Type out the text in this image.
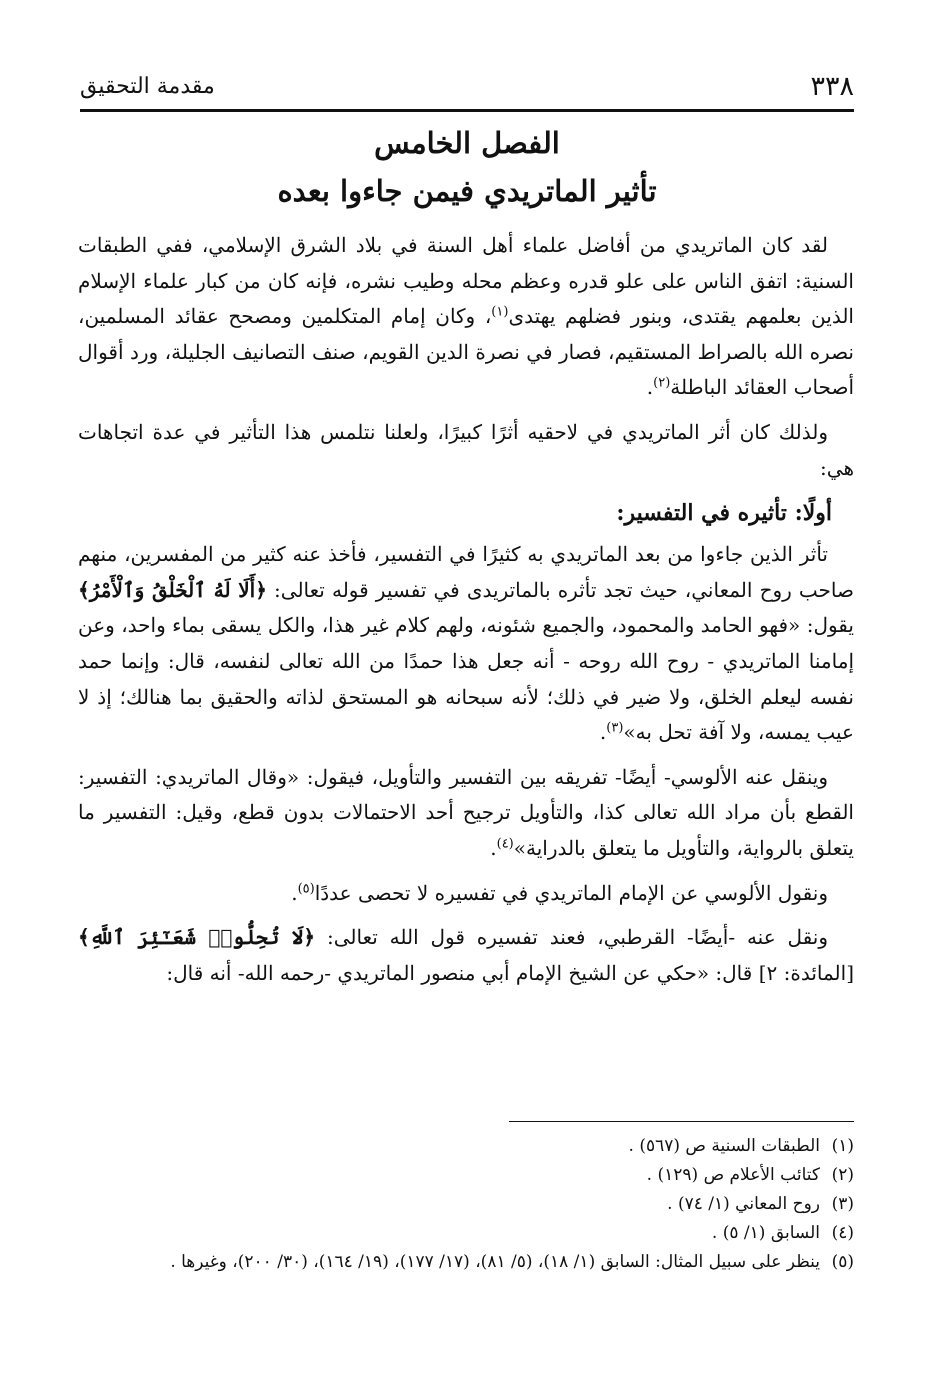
٣٣٨
مقدمة التحقيق
الفصل الخامس
تأثير الماتريدي فيمن جاءوا بعده

لقد كان الماتريدي من أفاضل علماء أهل السنة في بلاد الشرق الإسلامي، ففي الطبقات السنية: اتفق الناس على علو قدره وعظم محله وطيب نشره، فإنه كان من كبار علماء الإسلام الذين بعلمهم يقتدى، وبنور فضلهم يهتدى$^{(١)}$، وكان إمام المتكلمين ومصحح عقائد المسلمين، نصره الله بالصراط المستقيم، فصار في نصرة الدين القويم، صنف التصانيف الجليلة، ورد أقوال أصحاب العقائد الباطلة$^{(٢)}$.

ولذلك كان أثر الماتريدي في لاحقيه أثرًا كبيرًا، ولعلنا نتلمس هذا التأثير في عدة اتجاهات هي:

أولًا: تأثيره في التفسير:

تأثر الذين جاءوا من بعد الماتريدي به كثيرًا في التفسير، فأخذ عنه كثير من المفسرين، منهم صاحب روح المعاني، حيث تجد تأثره بالماتريدى في تفسير قوله تعالى: ﴿أَلَا لَهُ ٱلْخَلْقُ وَٱلْأَمْرُ﴾ يقول: «فهو الحامد والمحمود، والجميع شئونه، ولهم كلام غير هذا، والكل يسقى بماء واحد، وعن إمامنا الماتريدي - روح الله روحه - أنه جعل هذا حمدًا من الله تعالى لنفسه، قال: وإنما حمد نفسه ليعلم الخلق، ولا ضير في ذلك؛ لأنه سبحانه هو المستحق لذاته والحقيق بما هنالك؛ إذ لا عيب يمسه، ولا آفة تحل به»$^{(٣)}$.

وينقل عنه الألوسي- أيضًا- تفريقه بين التفسير والتأويل، فيقول: «وقال الماتريدي: التفسير: القطع بأن مراد الله تعالى كذا، والتأويل ترجيح أحد الاحتمالات بدون قطع، وقيل: التفسير ما يتعلق بالرواية، والتأويل ما يتعلق بالدراية»$^{(٤)}$.

ونقول الألوسي عن الإمام الماتريدي في تفسيره لا تحصى عددًا$^{(٥)}$.

ونقل عنه -أيضًا- القرطبي، فعند تفسيره قول الله تعالى: ﴿لَا تُحِلُّوا۟ شَعَـٰٓئِرَ ٱللَّهِ﴾ [المائدة: ٢] قال: «حكي عن الشيخ الإمام أبي منصور الماتريدي -رحمه الله- أنه قال:

(١)
الطبقات السنية ص (٥٦٧) .
(٢)
كتائب الأعلام ص (١٢٩) .
(٣)
روح المعاني (١/ ٧٤) .
(٤)
السابق (١/ ٥) .
(٥)
ينظر على سبيل المثال: السابق (١/ ١٨)، (٥/ ٨١)، (١٧/ ١٧٧)، (١٩/ ١٦٤)، (٣٠/ ٢٠٠)، وغيرها .
